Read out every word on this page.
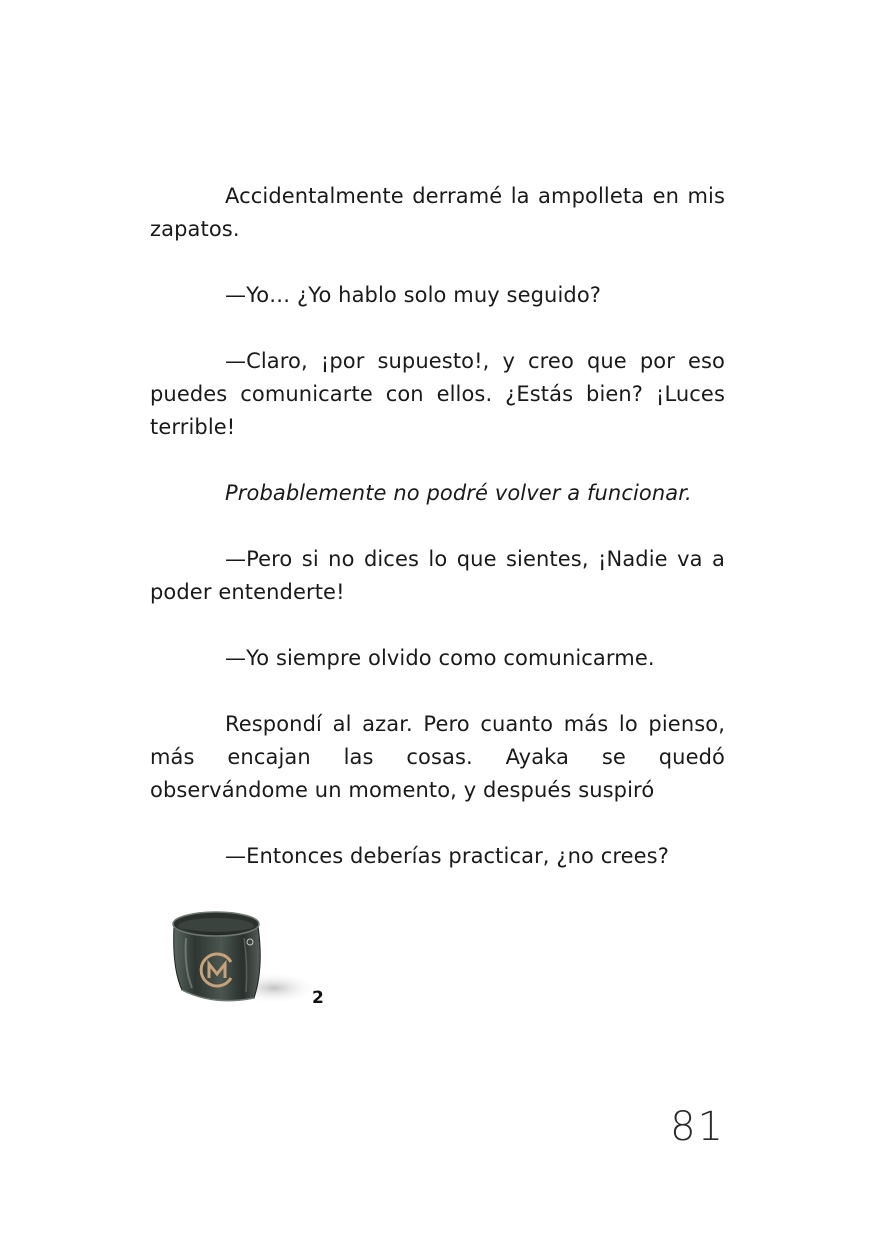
Accidentalmente derramé la ampolleta en mis zapatos.

—Yo… ¿Yo hablo solo muy seguido?

—Claro, ¡por supuesto!, y creo que por eso puedes comunicarte con ellos. ¿Estás bien? ¡Luces terrible!

Probablemente no podré volver a funcionar.

—Pero si no dices lo que sientes, ¡Nadie va a poder entenderte!

—Yo siempre olvido como comunicarme.

Respondí al azar. Pero cuanto más lo pienso, más encajan las cosas. Ayaka se quedó observándome un momento, y después suspiró

—Entonces deberías practicar, ¿no crees?

2
81
